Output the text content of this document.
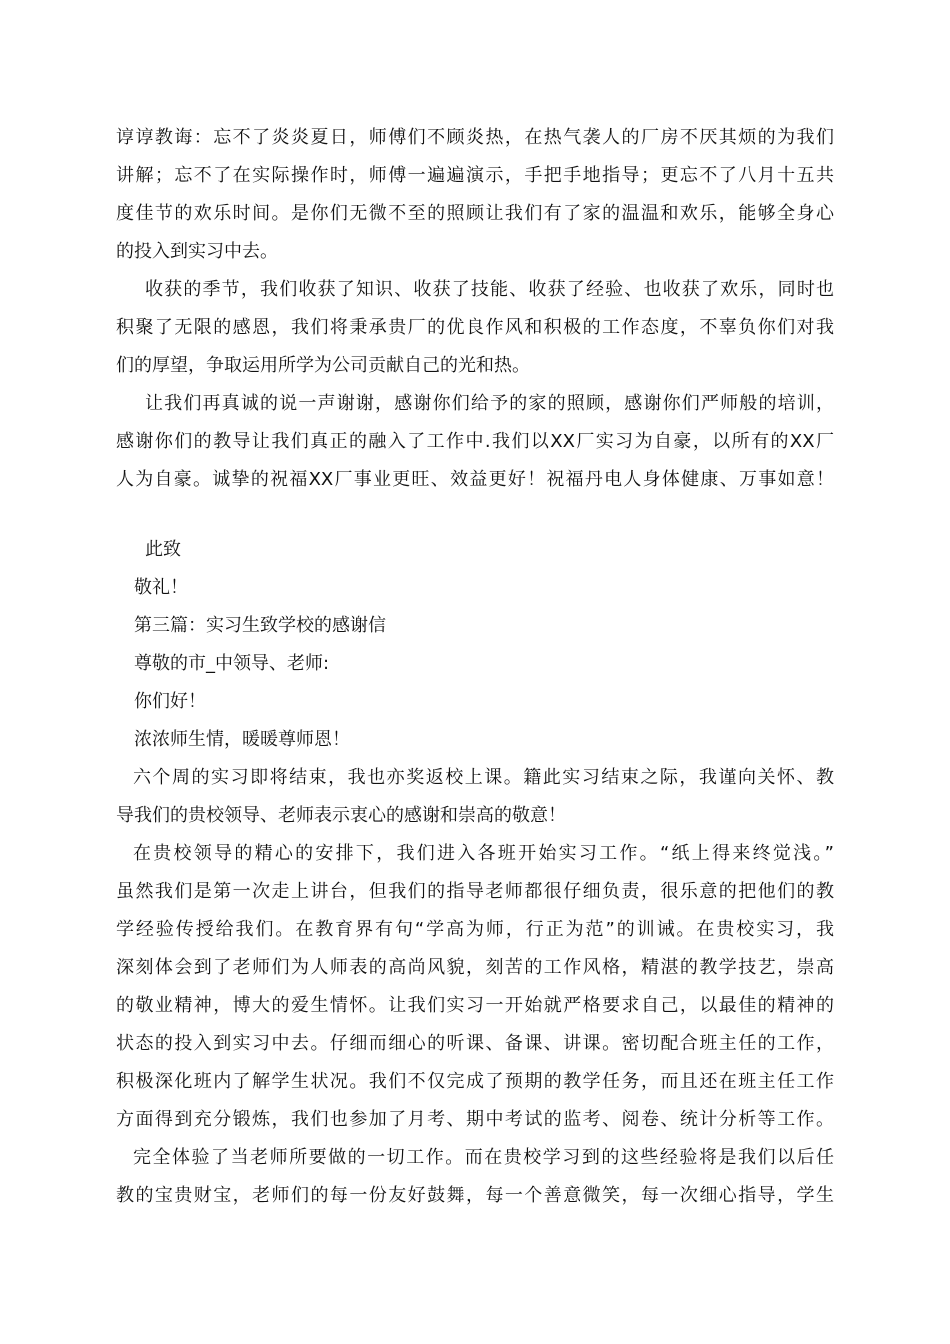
谆谆教诲：忘不了炎炎夏日，师傅们不顾炎热，在热气袭人的厂房不厌其烦的为我们
讲解；忘不了在实际操作时，师傅一遍遍演示，手把手地指导；更忘不了八月十五共
度佳节的欢乐时间。是你们无微不至的照顾让我们有了家的温温和欢乐，能够全身心
的投入到实习中去。
收获的季节，我们收获了知识、收获了技能、收获了经验、也收获了欢乐，同时也
积聚了无限的感恩，我们将秉承贵厂的优良作风和积极的工作态度，不辜负你们对我
们的厚望，争取运用所学为公司贡献自己的光和热。
让我们再真诚的说一声谢谢，感谢你们给予的家的照顾，感谢你们严师般的培训，
感谢你们的教导让我们真正的融入了工作中.我们以XX厂实习为自豪，以所有的XX厂
人为自豪。诚挚的祝福XX厂事业更旺、效益更好！祝福丹电人身体健康、万事如意！
此致
敬礼！
第三篇：实习生致学校的感谢信
尊敬的市_中领导、老师:
你们好！
浓浓师生情，暖暖尊师恩！
六个周的实习即将结束，我也亦奖返校上课。籍此实习结束之际，我谨向关怀、教
导我们的贵校领导、老师表示衷心的感谢和崇高的敬意！
在贵校领导的精心的安排下，我们进入各班开始实习工作。“纸上得来终觉浅。”
虽然我们是第一次走上讲台，但我们的指导老师都很仔细负责，很乐意的把他们的教
学经验传授给我们。在教育界有句“学高为师，行正为范”的训诫。在贵校实习，我
深刻体会到了老师们为人师表的高尚风貌，刻苦的工作风格，精湛的教学技艺，崇高
的敬业精神，博大的爱生情怀。让我们实习一开始就严格要求自己，以最佳的精神的
状态的投入到实习中去。仔细而细心的听课、备课、讲课。密切配合班主任的工作，
积极深化班内了解学生状况。我们不仅完成了预期的教学任务，而且还在班主任工作
方面得到充分锻炼，我们也参加了月考、期中考试的监考、阅卷、统计分析等工作。
完全体验了当老师所要做的一切工作。而在贵校学习到的这些经验将是我们以后任
教的宝贵财宝，老师们的每一份友好鼓舞，每一个善意微笑，每一次细心指导，学生
